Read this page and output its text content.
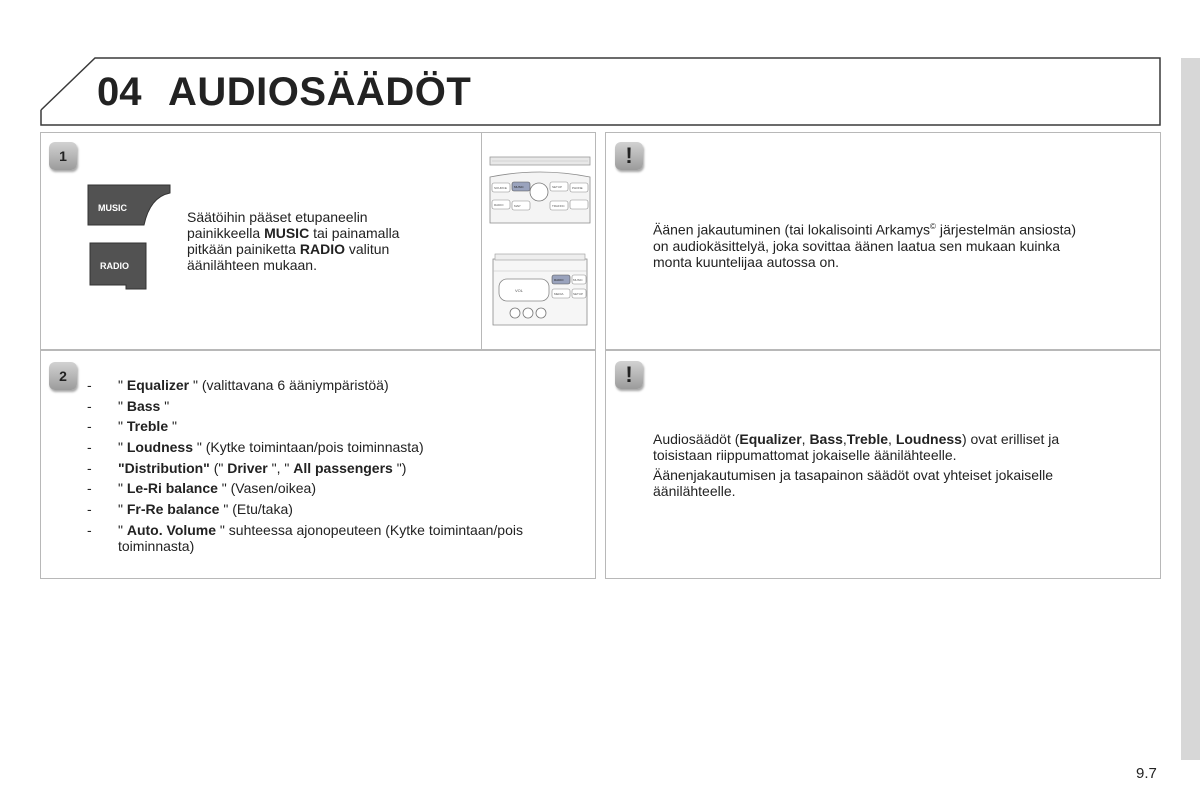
04 AUDIOSÄÄDÖT
1
MUSIC
RADIO
Säätöihin pääset etupaneelin
painikkeella MUSIC tai painamalla
pitkään painiketta RADIO valitun
äänilähteen mukaan.
SOURCE MUSIC	SETUP	PHONE
RADIO	MAP	TRAFFIC
VOL
RADIO
MEDIA
MUSIC
SETUP
2
- " Equalizer " (valittavana 6 ääniympäristöä)
- " Bass "
- " Treble "
- " Loudness " (Kytke toimintaan/pois toiminnasta)
- "Distribution" (" Driver ", " All passengers ")
- " Le-Ri balance " (Vasen/oikea)
- " Fr-Re balance " (Etu/taka)
- " Auto. Volume " suhteessa ajonopeuteen (Kytke toimintaan/pois
toiminnasta)
!
Äänen jakautuminen (tai lokalisointi Arkamys© järjestelmän ansiosta)
on audiokäsittelyä, joka sovittaa äänen laatua sen mukaan kuinka
monta kuuntelijaa autossa on.
!
Audiosäädöt (Equalizer, Bass,Treble, Loudness) ovat erilliset ja
toisistaan riippumattomat jokaiselle äänilähteelle.
Äänenjakautumisen ja tasapainon säädöt ovat yhteiset jokaiselle
äänilähteelle.
9.7
